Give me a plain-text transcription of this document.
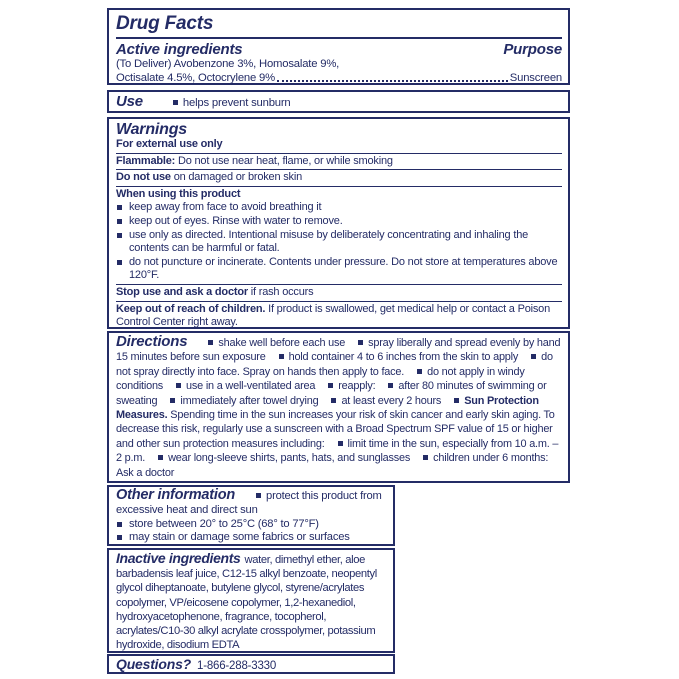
Drug Facts
Active ingredients	Purpose
(To Deliver) Avobenzone 3%, Homosalate 9%,
Octisalate 4.5%, Octocrylene 9%	Sunscreen
Use	helps prevent sunburn
Warnings
For external use only
Flammable: Do not use near heat, flame, or while smoking
Do not use on damaged or broken skin
When using this product
keep away from face to avoid breathing it
keep out of eyes. Rinse with water to remove.
use only as directed. Intentional misuse by deliberately concentrating and inhaling the contents can be harmful or fatal.
do not puncture or incinerate. Contents under pressure. Do not store at temperatures above 120°F.
Stop use and ask a doctor if rash occurs
Keep out of reach of children. If product is swallowed, get medical help or contact a Poison Control Center right away.
Directions	shake well before each use spray liberally and spread evenly by hand 15 minutes before sun exposure hold container 4 to 6 inches from the skin to apply do not spray directly into face. Spray on hands then apply to face. do not apply in windy conditions use in a well-ventilated area reapply: after 80 minutes of swimming or sweating immediately after towel drying at least every 2 hours Sun Protection Measures. Spending time in the sun increases your risk of skin cancer and early skin aging. To decrease this risk, regularly use a sunscreen with a Broad Spectrum SPF value of 15 or higher and other sun protection measures including: limit time in the sun, especially from 10 a.m. – 2 p.m. wear long-sleeve shirts, pants, hats, and sunglasses children under 6 months: Ask a doctor
Other information	protect this product from excessive heat and direct sun
store between 20° to 25°C (68° to 77°F)
may stain or damage some fabrics or surfaces
Inactive ingredients water, dimethyl ether, aloe barbadensis leaf juice, C12-15 alkyl benzoate, neopentyl glycol diheptanoate, butylene glycol, styrene/acrylates copolymer, VP/eicosene copolymer, 1,2-hexanediol, hydroxyacetophenone, fragrance, tocopherol, acrylates/C10-30 alkyl acrylate crosspolymer, potassium hydroxide, disodium EDTA
Questions? 1-866-288-3330
